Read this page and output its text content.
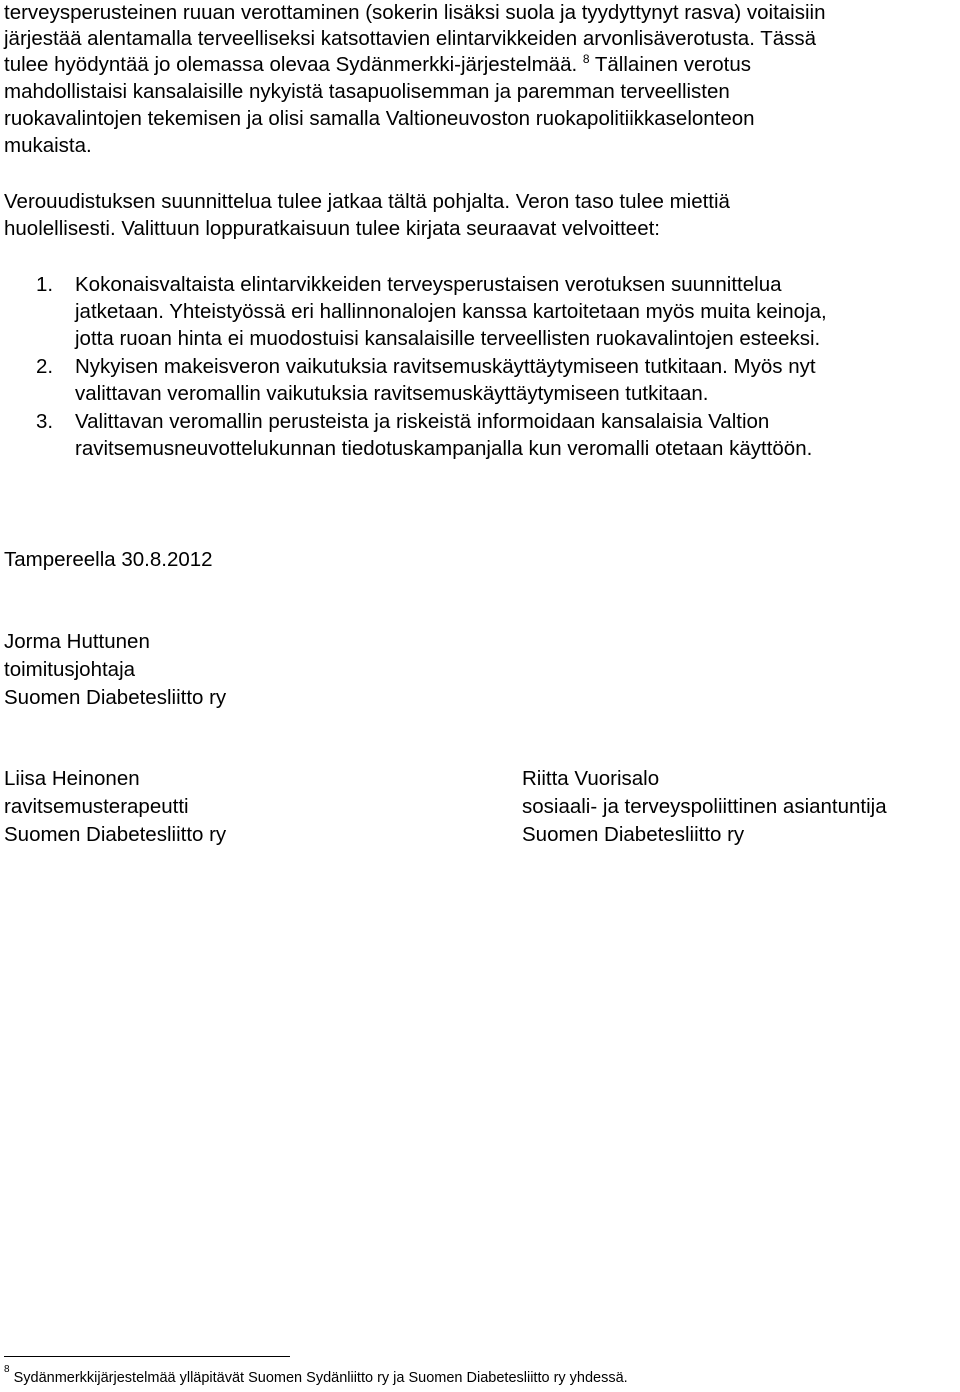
terveysperusteinen ruuan verottaminen (sokerin lisäksi suola ja tyydyttynyt rasva) voitaisiin
järjestää alentamalla terveelliseksi katsottavien elintarvikkeiden arvonlisäverotusta. Tässä
tulee hyödyntää jo olemassa olevaa Sydänmerkki-järjestelmää. $^8$ Tällainen verotus
mahdollistaisi kansalaisille nykyistä tasapuolisemman ja paremman terveellisten
ruokavalintojen tekemisen ja olisi samalla Valtioneuvoston ruokapolitiikkaselonteon
mukaista.
Verouudistuksen suunnittelua tulee jatkaa tältä pohjalta. Veron taso tulee miettiä
huolellisesti. Valittuun loppuratkaisuun tulee kirjata seuraavat velvoitteet:
1. Kokonaisvaltaista elintarvikkeiden terveysperustaisen verotuksen suunnittelua
jatketaan. Yhteistyössä eri hallinnonalojen kanssa kartoitetaan myös muita keinoja,
jotta ruoan hinta ei muodostuisi kansalaisille terveellisten ruokavalintojen esteeksi.
2. Nykyisen makeisveron vaikutuksia ravitsemuskäyttäytymiseen tutkitaan. Myös nyt
valittavan veromallin vaikutuksia ravitsemuskäyttäytymiseen tutkitaan.
3. Valittavan veromallin perusteista ja riskeistä informoidaan kansalaisia Valtion
ravitsemusneuvottelukunnan tiedotuskampanjalla kun veromalli otetaan käyttöön.
Tampereella 30.8.2012
Jorma Huttunen
toimitusjohtaja
Suomen Diabetesliitto ry
Liisa Heinonen
ravitsemusterapeutti
Suomen Diabetesliitto ry
Riitta Vuorisalo
sosiaali- ja terveyspoliittinen asiantuntija
Suomen Diabetesliitto ry
$^8$ Sydänmerkkijärjestelmää ylläpitävät Suomen Sydänliitto ry ja Suomen Diabetesliitto ry yhdessä.
